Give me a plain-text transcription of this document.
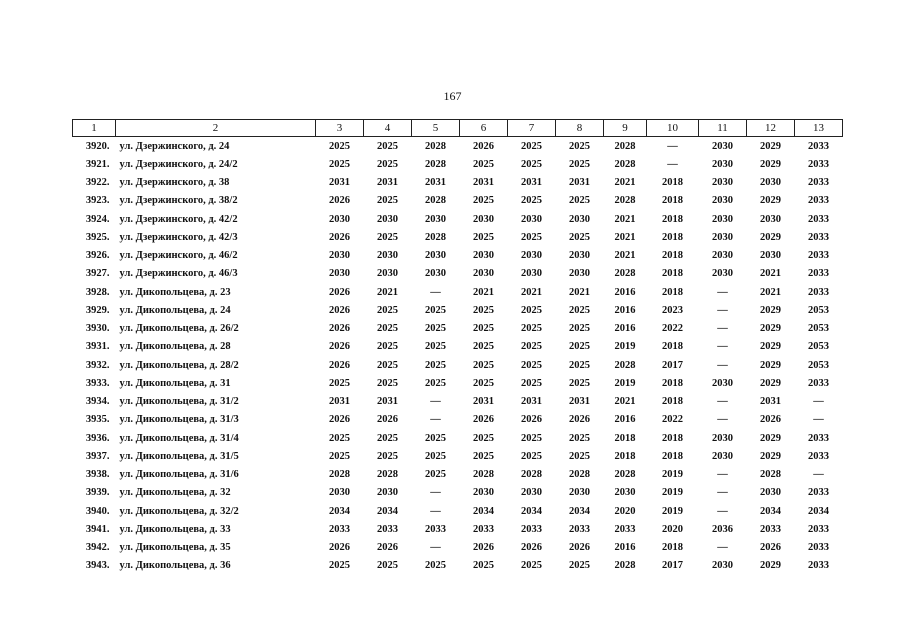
167
1	2	3	4	5	6	7	8	9	10	11	12	13
3920.	ул. Дзержинского, д. 24	2025	2025	2028	2026	2025	2025	2028	—	2030	2029	2033
3921.	ул. Дзержинского, д. 24/2	2025	2025	2028	2025	2025	2025	2028	—	2030	2029	2033
3922.	ул. Дзержинского, д. 38	2031	2031	2031	2031	2031	2031	2021	2018	2030	2030	2033
3923.	ул. Дзержинского, д. 38/2	2026	2025	2028	2025	2025	2025	2028	2018	2030	2029	2033
3924.	ул. Дзержинского, д. 42/2	2030	2030	2030	2030	2030	2030	2021	2018	2030	2030	2033
3925.	ул. Дзержинского, д. 42/3	2026	2025	2028	2025	2025	2025	2021	2018	2030	2029	2033
3926.	ул. Дзержинского, д. 46/2	2030	2030	2030	2030	2030	2030	2021	2018	2030	2030	2033
3927.	ул. Дзержинского, д. 46/3	2030	2030	2030	2030	2030	2030	2028	2018	2030	2021	2033
3928.	ул. Дикопольцева, д. 23	2026	2021	—	2021	2021	2021	2016	2018	—	2021	2033
3929.	ул. Дикопольцева, д. 24	2026	2025	2025	2025	2025	2025	2016	2023	—	2029	2053
3930.	ул. Дикопольцева, д. 26/2	2026	2025	2025	2025	2025	2025	2016	2022	—	2029	2053
3931.	ул. Дикопольцева, д. 28	2026	2025	2025	2025	2025	2025	2019	2018	—	2029	2053
3932.	ул. Дикопольцева, д. 28/2	2026	2025	2025	2025	2025	2025	2028	2017	—	2029	2053
3933.	ул. Дикопольцева, д. 31	2025	2025	2025	2025	2025	2025	2019	2018	2030	2029	2033
3934.	ул. Дикопольцева, д. 31/2	2031	2031	—	2031	2031	2031	2021	2018	—	2031	—
3935.	ул. Дикопольцева, д. 31/3	2026	2026	—	2026	2026	2026	2016	2022	—	2026	—
3936.	ул. Дикопольцева, д. 31/4	2025	2025	2025	2025	2025	2025	2018	2018	2030	2029	2033
3937.	ул. Дикопольцева, д. 31/5	2025	2025	2025	2025	2025	2025	2018	2018	2030	2029	2033
3938.	ул. Дикопольцева, д. 31/6	2028	2028	2025	2028	2028	2028	2028	2019	—	2028	—
3939.	ул. Дикопольцева, д. 32	2030	2030	—	2030	2030	2030	2030	2019	—	2030	2033
3940.	ул. Дикопольцева, д. 32/2	2034	2034	—	2034	2034	2034	2020	2019	—	2034	2034
3941.	ул. Дикопольцева, д. 33	2033	2033	2033	2033	2033	2033	2033	2020	2036	2033	2033
3942.	ул. Дикопольцева, д. 35	2026	2026	—	2026	2026	2026	2016	2018	—	2026	2033
3943.	ул. Дикопольцева, д. 36	2025	2025	2025	2025	2025	2025	2028	2017	2030	2029	2033
